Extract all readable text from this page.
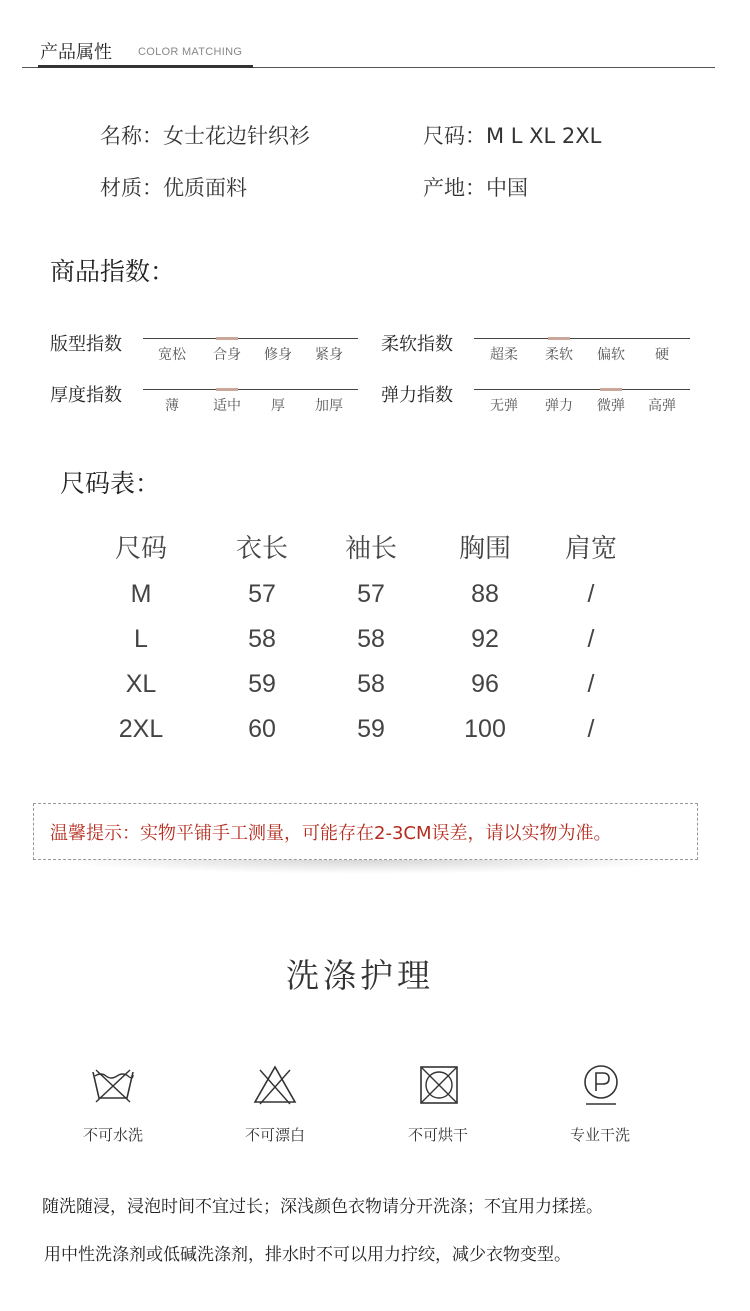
产品属性 COLOR MATCHING
名称：女士花边针织衫	尺码：M L XL 2XL
材质：优质面料	产地：中国
商品指数：
版型指数	宽松	合身	修身	紧身	柔软指数	超柔	柔软	偏软	硬
厚度指数	薄	适中	厚	加厚	弹力指数	无弹	弹力	微弹	高弹
尺码表：
尺码	衣长	袖长	胸围	肩宽
M	57	57	88	/
L	58	58	92	/
XL	59	58	96	/
2XL	60	59	100	/
温馨提示：实物平铺手工测量，可能存在2-3CM误差，请以实物为准。
洗涤护理
不可水洗	不可漂白	不可烘干	专业干洗
随洗随浸，浸泡时间不宜过长；深浅颜色衣物请分开洗涤；不宜用力揉搓。
用中性洗涤剂或低碱洗涤剂，排水时不可以用力拧绞，减少衣物变型。
